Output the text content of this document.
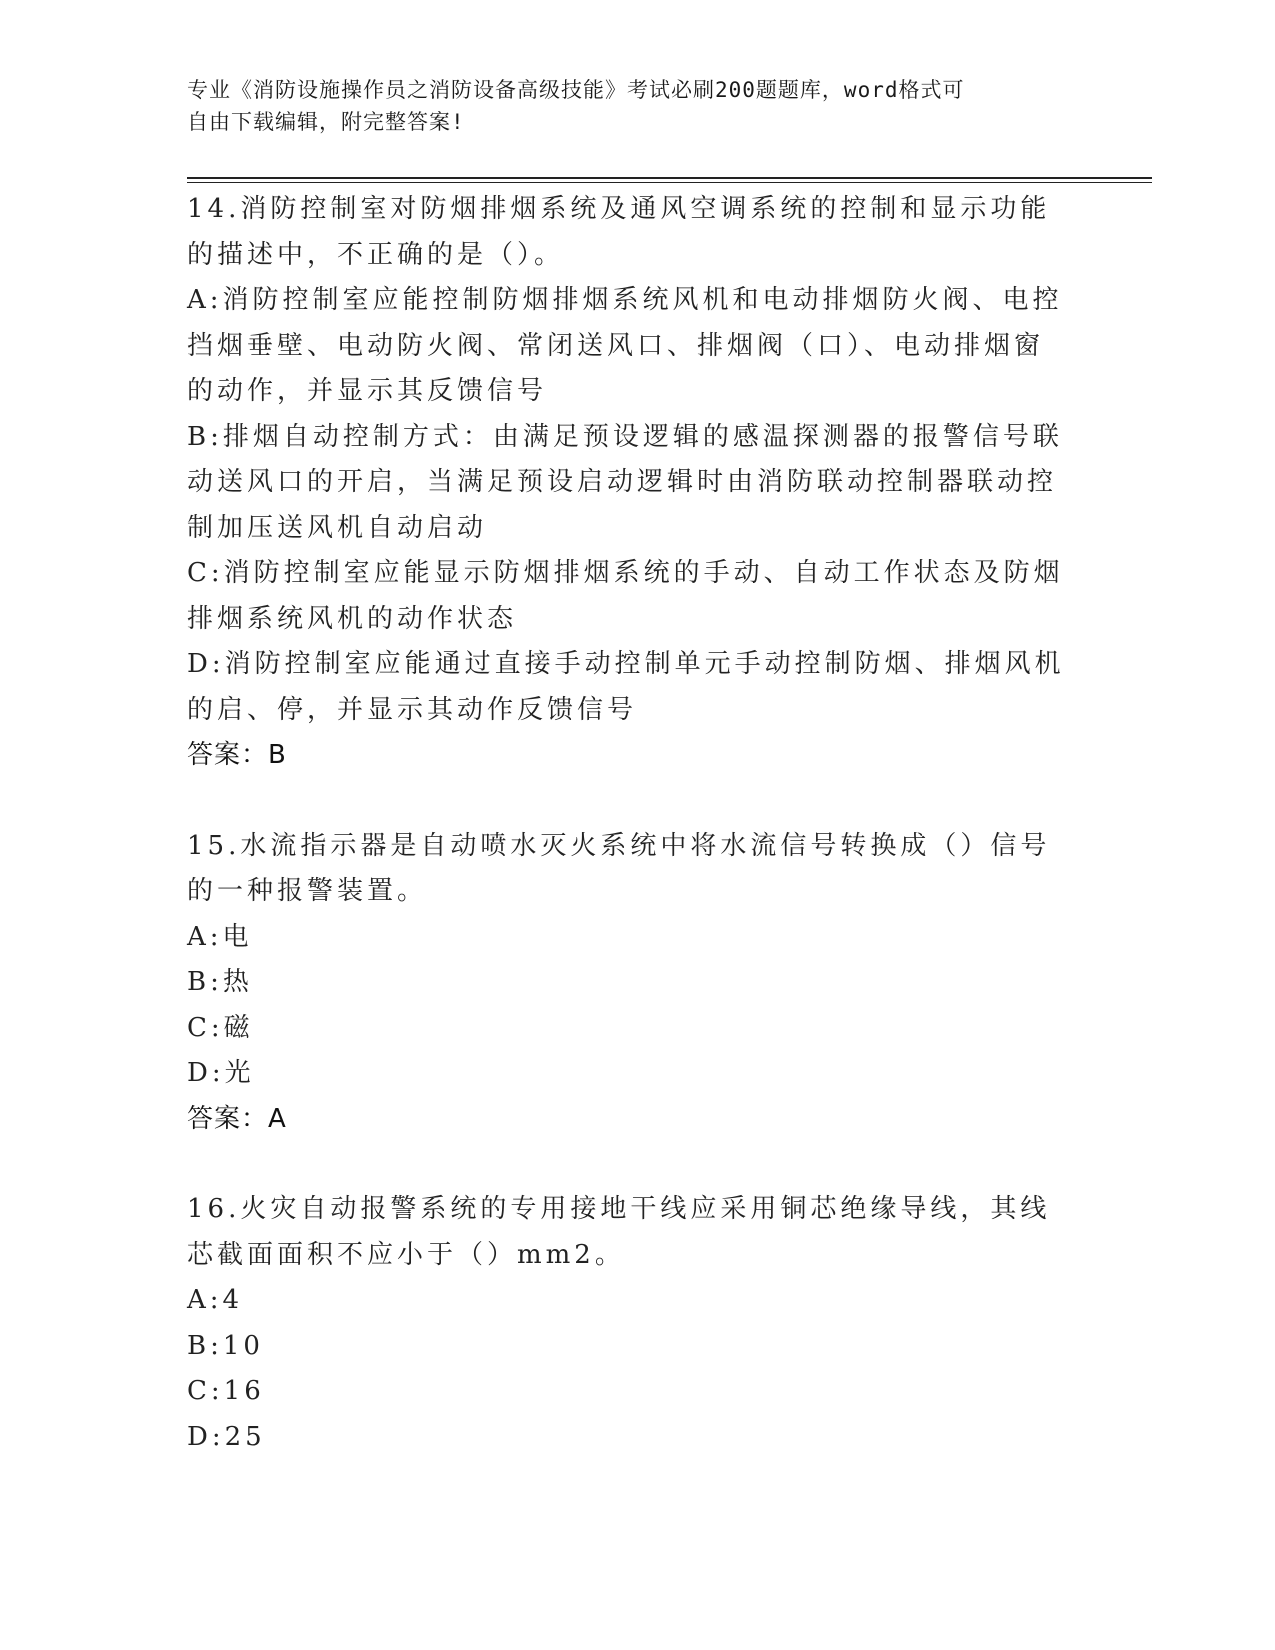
专业《消防设施操作员之消防设备高级技能》考试必刷200题题库，word格式可
自由下载编辑，附完整答案!

14.消防控制室对防烟排烟系统及通风空调系统的控制和显示功能的描述中，不正确的是（）。

A:消防控制室应能控制防烟排烟系统风机和电动排烟防火阀、电控挡烟垂壁、电动防火阀、常闭送风口、排烟阀（口）、电动排烟窗的动作，并显示其反馈信号

B:排烟自动控制方式：由满足预设逻辑的感温探测器的报警信号联动送风口的开启，当满足预设启动逻辑时由消防联动控制器联动控制加压送风机自动启动

C:消防控制室应能显示防烟排烟系统的手动、自动工作状态及防烟排烟系统风机的动作状态

D:消防控制室应能通过直接手动控制单元手动控制防烟、排烟风机的启、停，并显示其动作反馈信号

答案：B

15.水流指示器是自动喷水灭火系统中将水流信号转换成（）信号的一种报警装置。

A:电

B:热

C:磁

D:光

答案：A

16.火灾自动报警系统的专用接地干线应采用铜芯绝缘导线，其线芯截面面积不应小于（）mm2。

A:4

B:10

C:16

D:25
